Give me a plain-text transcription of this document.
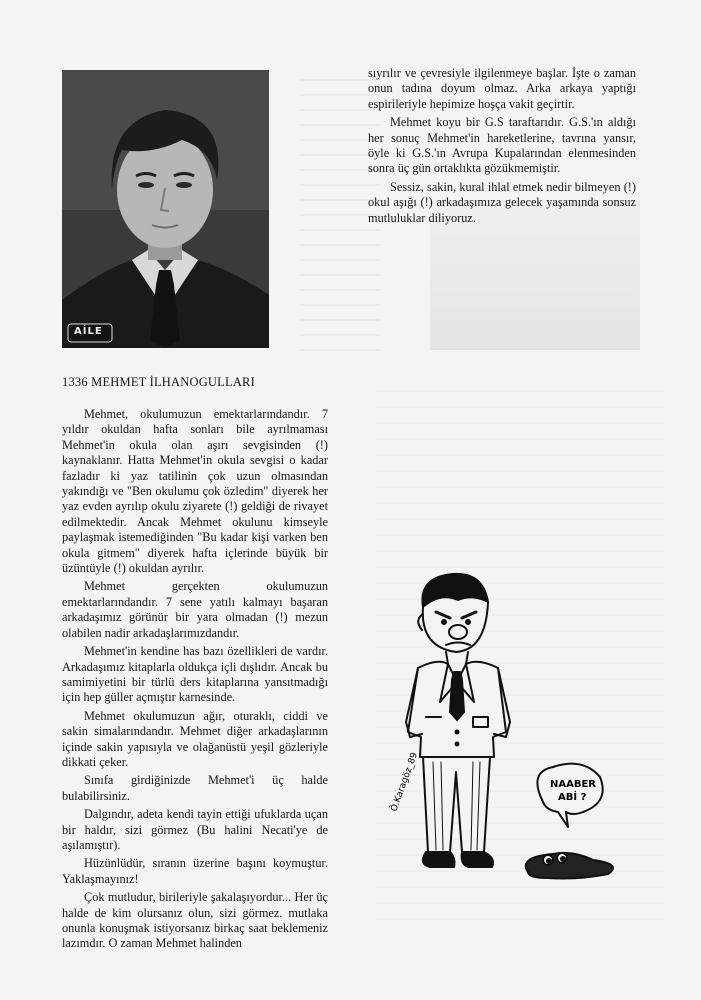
AİLE
1336 MEHMET İLHANOGULLARI

Mehmet, okulumuzun emektarlarındandır. 7 yıldır okuldan hafta sonları bile ayrılmaması Mehmet'in okula olan aşırı sevgisinden (!) kaynaklanır. Hatta Mehmet'in okula sevgisi o kadar fazladır ki yaz tatilinin çok uzun olmasından yakındığı ve "Ben okulumu çok özledim" diyerek her yaz evden ayrılıp okulu ziyarete (!) geldiği de rivayet edilmektedir. Ancak Mehmet okulunu kimseyle paylaşmak istemediğinden "Bu kadar kişi varken ben okula gitmem" diyerek hafta içlerinde büyük bir üzüntüyle (!) okuldan ayrılır.

Mehmet gerçekten okulumuzun emektarlarındandır. 7 sene yatılı kalmayı başaran arkadaşımız görünür bir yara olmadan (!) mezun olabilen nadir arkadaşlarımızdandır.

Mehmet'in kendine has bazı özellikleri de vardır. Arkadaşımız kitaplarla oldukça içli dışlıdır. Ancak bu samimiyetini bir türlü ders kitaplarına yansıtmadığı için hep güller açmıştır karnesinde.

Mehmet okulumuzun ağır, oturaklı, ciddi ve sakin simalarındandır. Mehmet diğer arkadaşlarının içinde sakin yapısıyla ve olağanüstü yeşil gözleriyle dikkati çeker.

Sınıfa girdiğinizde Mehmet'i üç halde bulabilirsiniz.

Dalgındır, adeta kendi tayin ettiği ufuklarda uçan bir haldır, sizi görmez (Bu halini Necati'ye de aşılamıştır).

Hüzünlüdür, sıranın üzerine başını koymuştur. Yaklaşmayınız!

Çok mutludur, birileriyle şakalaşıyordur... Her üç halde de kim olursanız olun, sizi görmez. mutlaka onunla konuşmak istiyorsanız birkaç saat beklemeniz lazımdır. O zaman Mehmet halinden

sıyrılır ve çevresiyle ilgilenmeye başlar. İşte o zaman onun tadına doyum olmaz. Arka arkaya yaptığı espirileriyle hepimize hoşça vakit geçirtir.

Mehmet koyu bir G.S taraftarıdır. G.S.'ın aldığı her sonuç Mehmet'in hareketlerine, tavrına yansır, öyle ki G.S.'ın Avrupa Kupalarından elenmesinden sonra üç gün ortaklıkta gözükmemiştir.

Sessiz, sakin, kural ihlal etmek nedir bilmeyen (!) okul aşığı (!) arkadaşımıza gelecek yaşamında sonsuz mutluluklar diliyoruz.

NAABER
ABİ ?
Ö.Karagöz_89
